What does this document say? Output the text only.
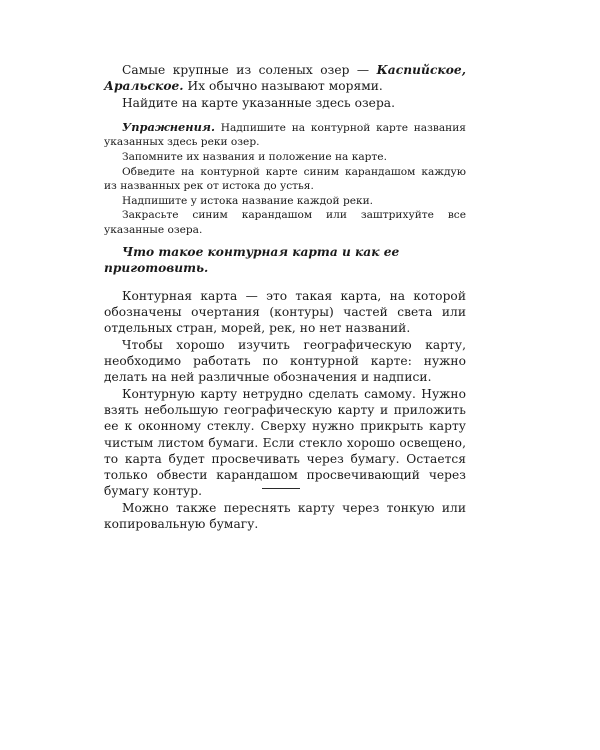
Самые крупные из соленых озер — Каспийское, Аральское. Их обычно называют морями.

Найдите на карте указанные здесь озера.

Упражнения. Надпишите на контурной карте названия указанных здесь реки озер.

Запомните их названия и положение на карте.

Обведите на контурной карте синим карандашом каждую из названных рек от истока до устья.

Надпишите у истока название каждой реки.

Закрасьте синим карандашом или заштрихуйте все указанные озера.

Что такое контурная карта и как ее приготовить.

Контурная карта — это такая карта, на которой обозначены очертания (контуры) частей света или отдельных стран, морей, рек, но нет названий.

Чтобы хорошо изучить географическую карту, необходимо работать по контурной карте: нужно делать на ней различные обозначения и надписи.

Контурную карту нетрудно сделать самому. Нужно взять небольшую географическую карту и приложить ее к оконному стеклу. Сверху нужно прикрыть карту чистым листом бумаги. Если стекло хорошо освещено, то карта будет просвечивать через бумагу. Остается только обвести карандашом просвечивающий через бумагу контур.

Можно также переснять карту через тонкую или копировальную бумагу.
